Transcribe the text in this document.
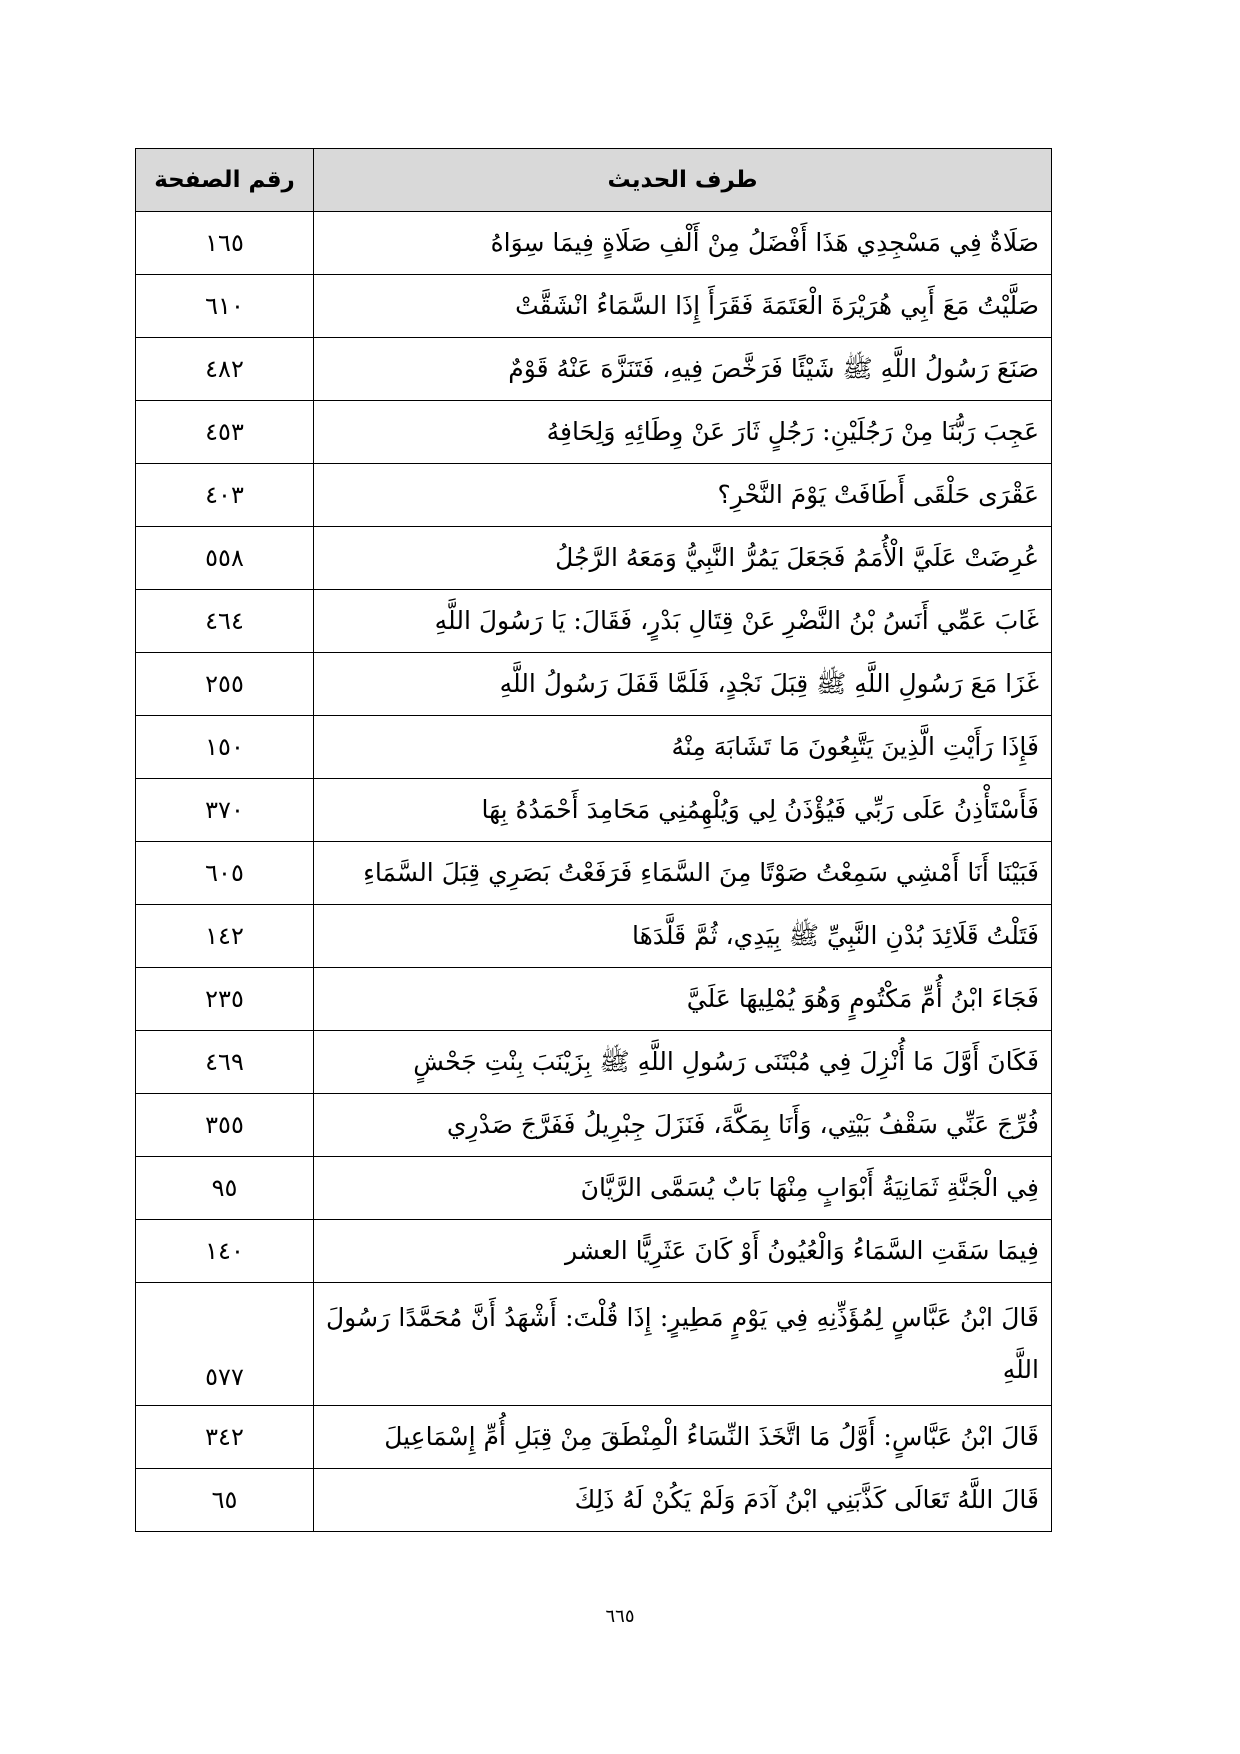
طرف الحديث	رقم الصفحة
صَلَاةٌ فِي مَسْجِدِي هَذَا أَفْضَلُ مِنْ أَلْفِ صَلَاةٍ فِيمَا سِوَاهُ	١٦٥
صَلَّيْتُ مَعَ أَبِي هُرَيْرَةَ الْعَتَمَةَ فَقَرَأَ إِذَا السَّمَاءُ انْشَقَّتْ	٦١٠
صَنَعَ رَسُولُ اللَّهِ ﷺ شَيْئًا فَرَخَّصَ فِيهِ، فَتَنَزَّهَ عَنْهُ قَوْمٌ	٤٨٢
عَجِبَ رَبُّنَا مِنْ رَجُلَيْنِ: رَجُلٍ ثَارَ عَنْ وِطَائِهِ وَلِحَافِهُ	٤٥٣
عَقْرَى حَلْقَى أَطَافَتْ يَوْمَ النَّحْرِ؟	٤٠٣
عُرِضَتْ عَلَيَّ الْأُمَمُ فَجَعَلَ يَمُرُّ النَّبِيُّ وَمَعَهُ الرَّجُلُ	٥٥٨
غَابَ عَمِّي أَنَسُ بْنُ النَّضْرِ عَنْ قِتَالِ بَدْرٍ، فَقَالَ: يَا رَسُولَ اللَّهِ	٤٦٤
غَزَا مَعَ رَسُولِ اللَّهِ ﷺ قِبَلَ نَجْدٍ، فَلَمَّا قَفَلَ رَسُولُ اللَّهِ	٢٥٥
فَإِذَا رَأَيْتِ الَّذِينَ يَتَّبِعُونَ مَا تَشَابَهَ مِنْهُ	١٥٠
فَأَسْتَأْذِنُ عَلَى رَبِّي فَيُؤْذَنُ لِي وَيُلْهِمُنِي مَحَامِدَ أَحْمَدُهُ بِهَا	٣٧٠
فَبَيْنَا أَنَا أَمْشِي سَمِعْتُ صَوْتًا مِنَ السَّمَاءِ فَرَفَعْتُ بَصَرِي قِبَلَ السَّمَاءِ	٦٠٥
فَتَلْتُ قَلَائِدَ بُدْنِ النَّبِيِّ ﷺ بِيَدِي، ثُمَّ قَلَّدَهَا	١٤٢
فَجَاءَ ابْنُ أُمِّ مَكْتُومٍ وَهُوَ يُمْلِيهَا عَلَيَّ	٢٣٥
فَكَانَ أَوَّلَ مَا أُنْزِلَ فِي مُبْتَنَى رَسُولِ اللَّهِ ﷺ بِزَيْنَبَ بِنْتِ جَحْشٍ	٤٦٩
فُرِّجَ عَنِّي سَقْفُ بَيْتِي، وَأَنَا بِمَكَّةَ، فَنَزَلَ جِبْرِيلُ فَفَرَّجَ صَدْرِي	٣٥٥
فِي الْجَنَّةِ ثَمَانِيَةُ أَبْوَابٍ مِنْهَا بَابٌ يُسَمَّى الرَّيَّانَ	٩٥
فِيمَا سَقَتِ السَّمَاءُ وَالْعُيُونُ أَوْ كَانَ عَثَرِيًّا العشر	١٤٠
قَالَ ابْنُ عَبَّاسٍ لِمُؤَذِّنِهِ فِي يَوْمٍ مَطِيرٍ: إِذَا قُلْتَ: أَشْهَدُ أَنَّ مُحَمَّدًا رَسُولَ اللَّهِ	٥٧٧
قَالَ ابْنُ عَبَّاسٍ: أَوَّلُ مَا اتَّخَذَ النِّسَاءُ الْمِنْطَقَ مِنْ قِبَلِ أُمِّ إِسْمَاعِيلَ	٣٤٢
قَالَ اللَّهُ تَعَالَى كَذَّبَنِي ابْنُ آدَمَ وَلَمْ يَكُنْ لَهُ ذَلِكَ	٦٥
٦٦٥
